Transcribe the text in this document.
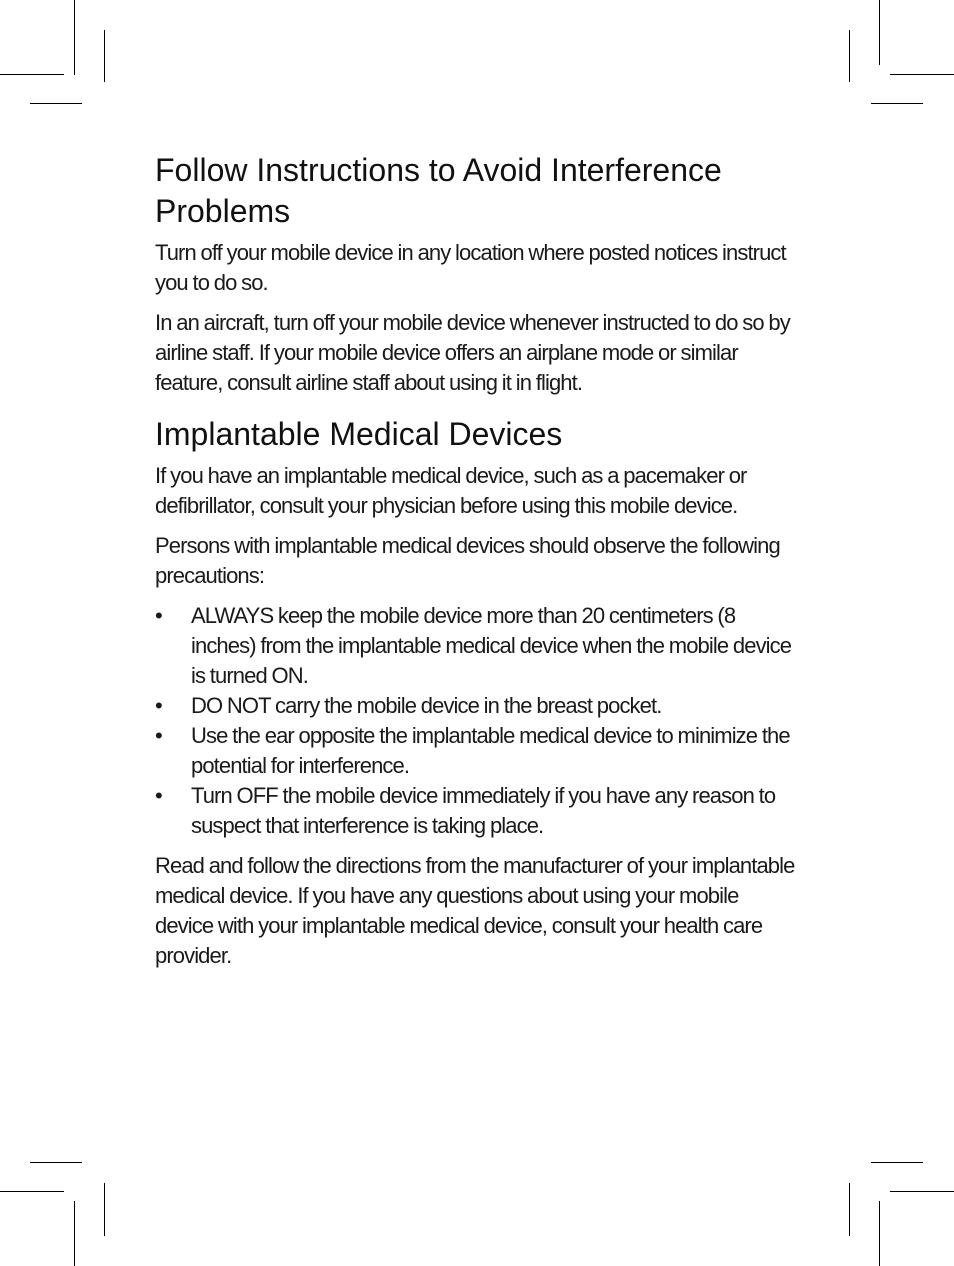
Follow Instructions to Avoid Interference Problems

Turn off your mobile device in any location where posted notices instruct you to do so.

In an aircraft, turn off your mobile device whenever instructed to do so by airline staff. If your mobile device offers an airplane mode or similar feature, consult airline staff about using it in flight.

Implantable Medical Devices

If you have an implantable medical device, such as a pacemaker or defibrillator, consult your physician before using this mobile device.

Persons with implantable medical devices should observe the following precautions:

• ALWAYS keep the mobile device more than 20 centimeters (8 inches) from the implantable medical device when the mobile device is turned ON.
• DO NOT carry the mobile device in the breast pocket.
• Use the ear opposite the implantable medical device to minimize the potential for interference.
• Turn OFF the mobile device immediately if you have any reason to suspect that interference is taking place.

Read and follow the directions from the manufacturer of your implantable medical device. If you have any questions about using your mobile device with your implantable medical device, consult your health care provider.
